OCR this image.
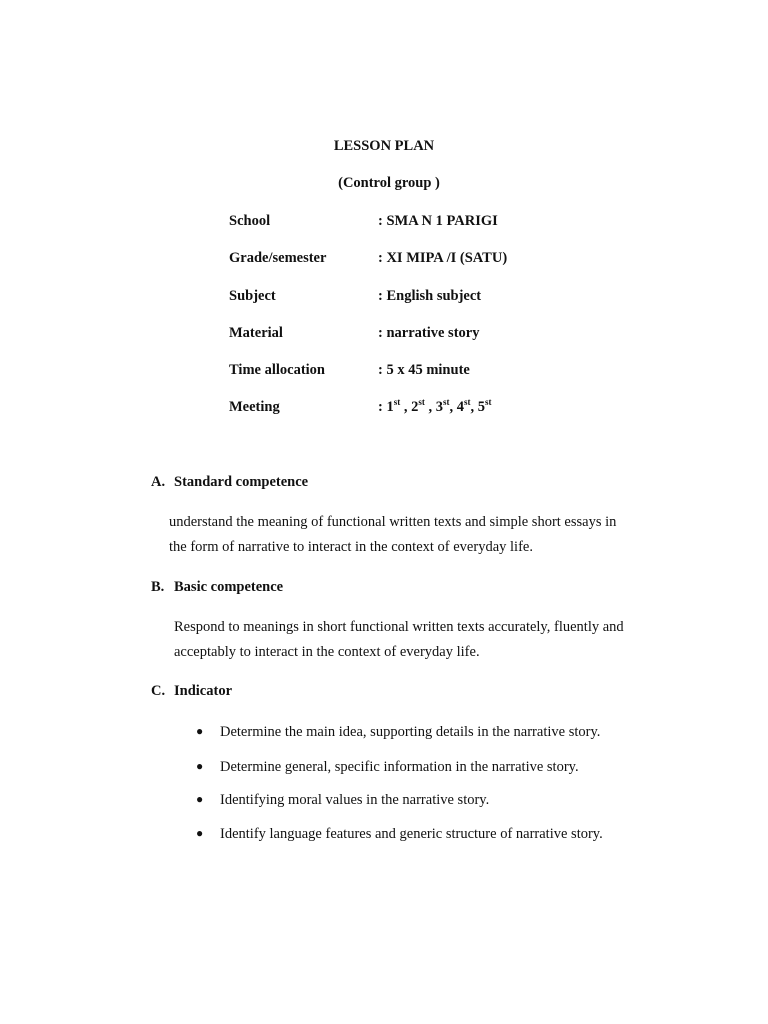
LESSON PLAN
(Control group )
School	: SMA N 1 PARIGI
Grade/semester	: XI MIPA /I (SATU)
Subject	: English subject
Material	: narrative story
Time allocation	: 5 x 45 minute
Meeting	: 1st , 2st , 3st, 4st, 5st
A. Standard competence
understand the meaning of functional written texts and simple short essays in
the form of narrative to interact in the context of everyday life.
B. Basic competence
Respond to meanings in short functional written texts accurately, fluently and
acceptably to interact in the context of everyday life.
C. Indicator
● Determine the main idea, supporting details in the narrative story.
● Determine general, specific information in the narrative story.
● Identifying moral values in the narrative story.
● Identify language features and generic structure of narrative story.
